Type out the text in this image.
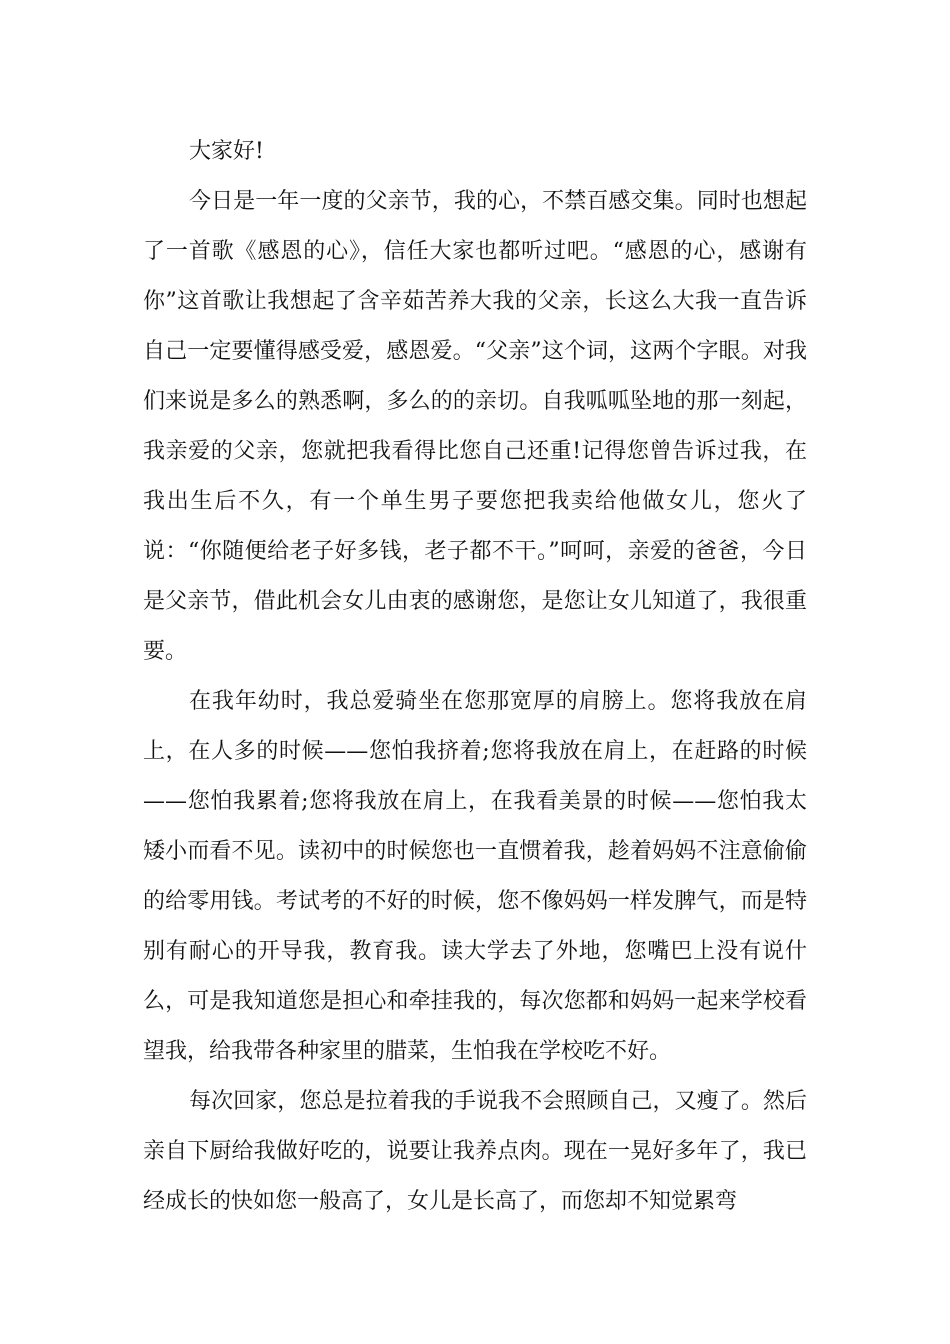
大家好!

今日是一年一度的父亲节，我的心，不禁百感交集。同时也想起了一首歌《感恩的心》，信任大家也都听过吧。“感恩的心，感谢有你”这首歌让我想起了含辛茹苦养大我的父亲，长这么大我一直告诉自己一定要懂得感受爱，感恩爱。“父亲”这个词，这两个字眼。对我们来说是多么的熟悉啊，多么的的亲切。自我呱呱坠地的那一刻起，我亲爱的父亲，您就把我看得比您自己还重!记得您曾告诉过我，在我出生后不久，有一个单生男子要您把我卖给他做女儿，您火了说：“你随便给老子好多钱，老子都不干。”呵呵，亲爱的爸爸，今日是父亲节，借此机会女儿由衷的感谢您，是您让女儿知道了，我很重要。

在我年幼时，我总爱骑坐在您那宽厚的肩膀上。您将我放在肩上，在人多的时候——您怕我挤着;您将我放在肩上，在赶路的时候——您怕我累着;您将我放在肩上，在我看美景的时候——您怕我太矮小而看不见。读初中的时候您也一直惯着我，趁着妈妈不注意偷偷的给零用钱。考试考的不好的时候，您不像妈妈一样发脾气，而是特别有耐心的开导我，教育我。读大学去了外地，您嘴巴上没有说什么，可是我知道您是担心和牵挂我的，每次您都和妈妈一起来学校看望我，给我带各种家里的腊菜，生怕我在学校吃不好。

每次回家，您总是拉着我的手说我不会照顾自己，又瘦了。然后亲自下厨给我做好吃的，说要让我养点肉。现在一晃好多年了，我已经成长的快如您一般高了，女儿是长高了，而您却不知觉累弯
